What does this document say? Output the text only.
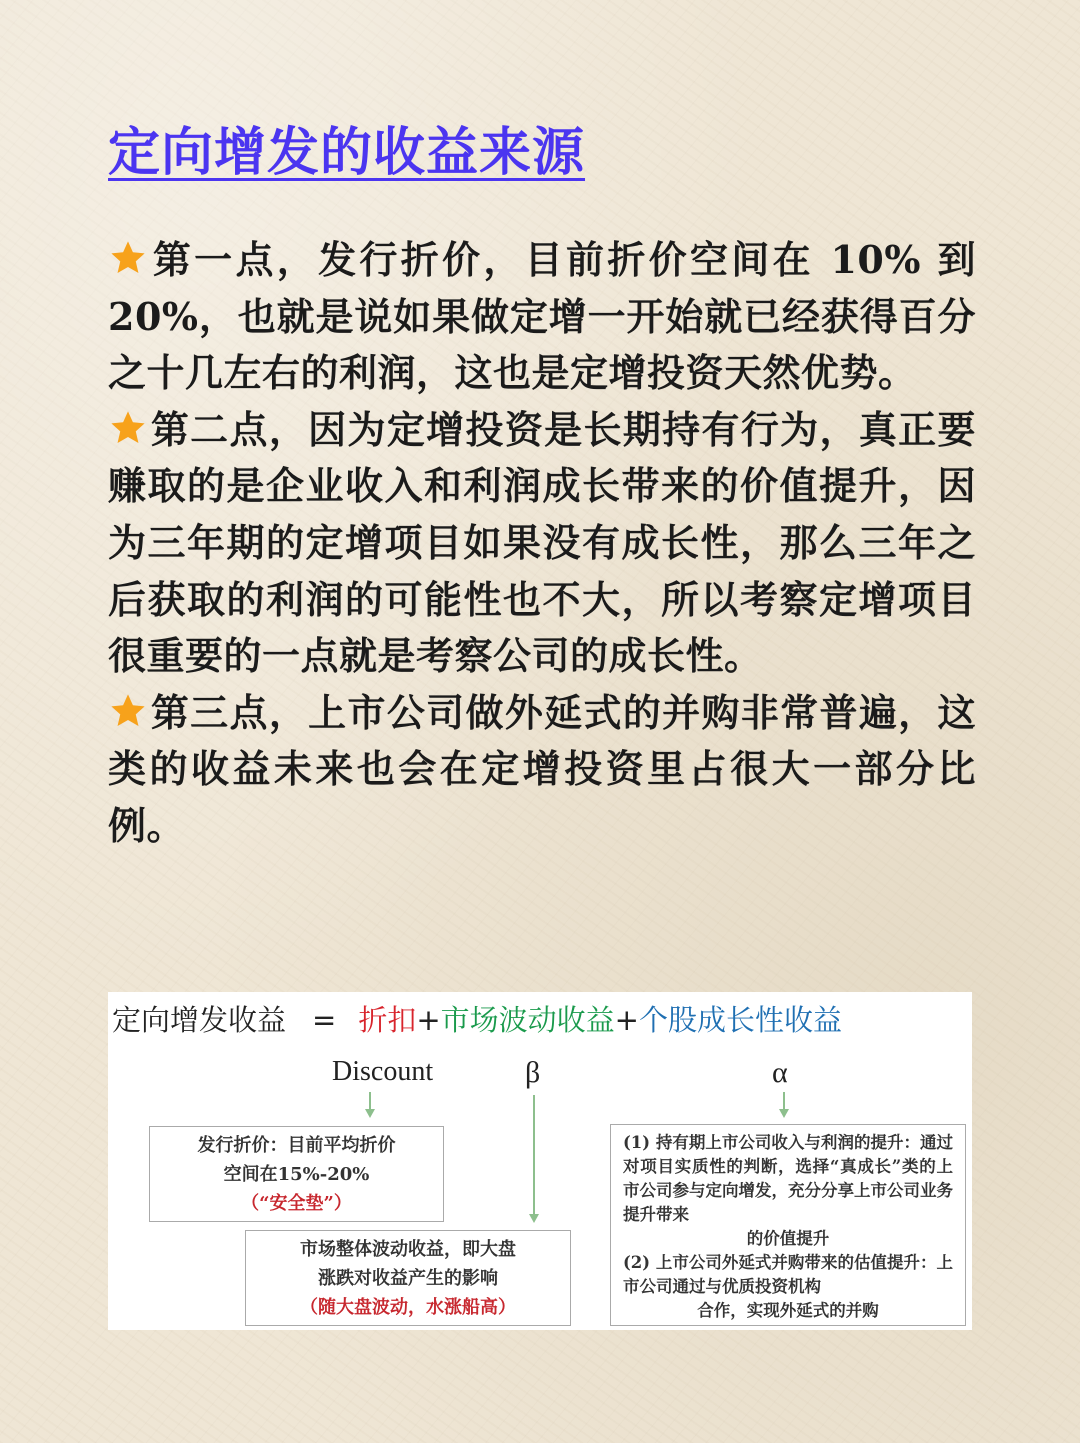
定向增发的收益来源

第一点，发行折价，目前折价空间在 10% 到 20%，也就是说如果做定增一开始就已经获得百分之十几左右的利润，这也是定增投资天然优势。

第二点，因为定增投资是长期持有行为，真正要赚取的是企业收入和利润成长带来的价值提升，因为三年期的定增项目如果没有成长性，那么三年之后获取的利润的可能性也不大，所以考察定增项目很重要的一点就是考察公司的成长性。

第三点，上市公司做外延式的并购非常普遍，这类的收益未来也会在定增投资里占很大一部分比例。

定向增发收益 = 折扣+市场波动收益+个股成长性收益
Discount	β	α
发行折价：目前平均折价
空间在15%-20%
（“安全垫”）
市场整体波动收益，即大盘
涨跌对收益产生的影响
（随大盘波动，水涨船高）
(1) 持有期上市公司收入与利润的提升：通过对项目实质性的判断，选择“真成长”类的上市公司参与定向增发，充分分享上市公司业务提升带来
的价值提升
(2) 上市公司外延式并购带来的估值提升：上市公司通过与优质投资机构
合作，实现外延式的并购
